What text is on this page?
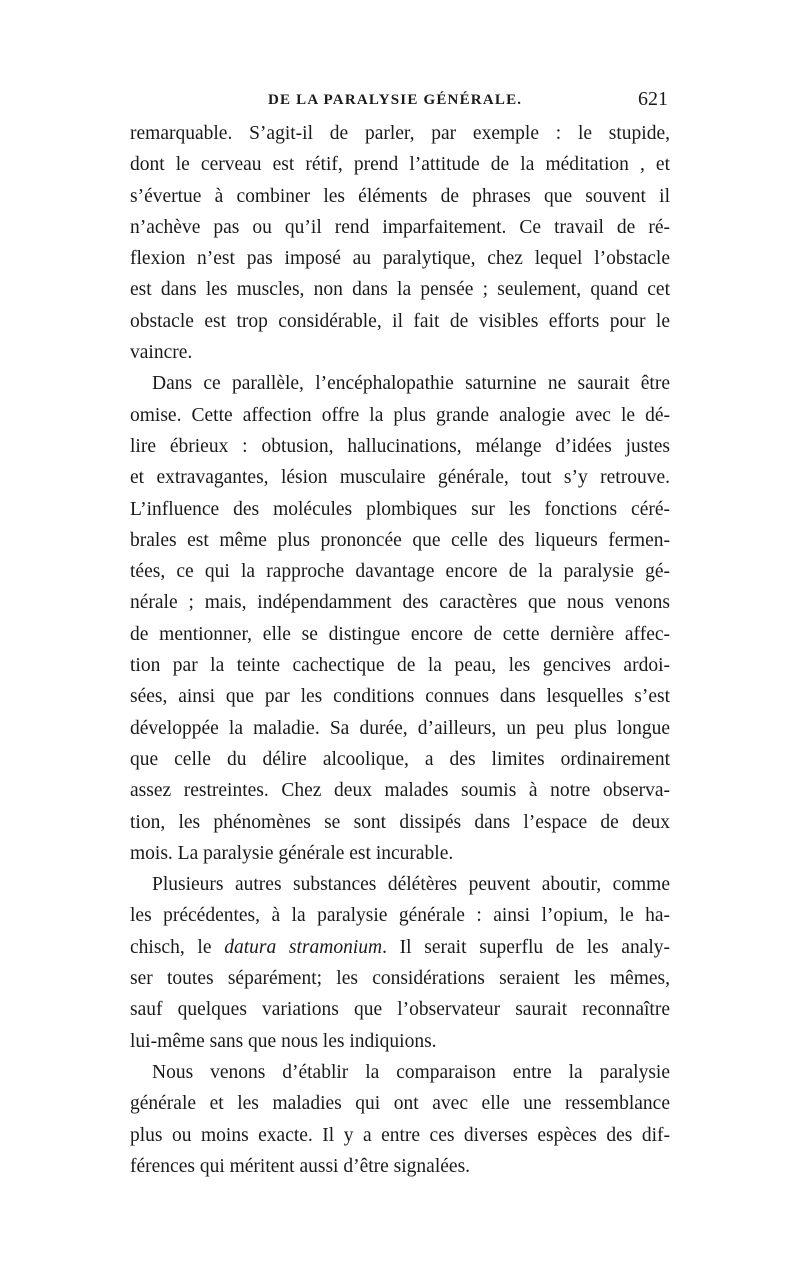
DE LA PARALYSIE GÉNÉRALE.	621
remarquable. S’agit-il de parler, par exemple : le stupide,
dont le cerveau est rétif, prend l’attitude de la méditation , et
s’évertue à combiner les éléments de phrases que souvent il
n’achève pas ou qu’il rend imparfaitement. Ce travail de ré-
flexion n’est pas imposé au paralytique, chez lequel l’obstacle
est dans les muscles, non dans la pensée ; seulement, quand cet
obstacle est trop considérable, il fait de visibles efforts pour le
vaincre.
Dans ce parallèle, l’encéphalopathie saturnine ne saurait être
omise. Cette affection offre la plus grande analogie avec le dé-
lire ébrieux : obtusion, hallucinations, mélange d’idées justes
et extravagantes, lésion musculaire générale, tout s’y retrouve.
L’influence des molécules plombiques sur les fonctions céré-
brales est même plus prononcée que celle des liqueurs fermen-
tées, ce qui la rapproche davantage encore de la paralysie gé-
nérale ; mais, indépendamment des caractères que nous venons
de mentionner, elle se distingue encore de cette dernière affec-
tion par la teinte cachectique de la peau, les gencives ardoi-
sées, ainsi que par les conditions connues dans lesquelles s’est
développée la maladie. Sa durée, d’ailleurs, un peu plus longue
que celle du délire alcoolique, a des limites ordinairement
assez restreintes. Chez deux malades soumis à notre observa-
tion, les phénomènes se sont dissipés dans l’espace de deux
mois. La paralysie générale est incurable.
Plusieurs autres substances délétères peuvent aboutir, comme
les précédentes, à la paralysie générale : ainsi l’opium, le ha-
chisch, le datura stramonium. Il serait superflu de les analy-
ser toutes séparément; les considérations seraient les mêmes,
sauf quelques variations que l’observateur saurait reconnaître
lui-même sans que nous les indiquions.
Nous venons d’établir la comparaison entre la paralysie
générale et les maladies qui ont avec elle une ressemblance
plus ou moins exacte. Il y a entre ces diverses espèces des dif-
férences qui méritent aussi d’être signalées.
